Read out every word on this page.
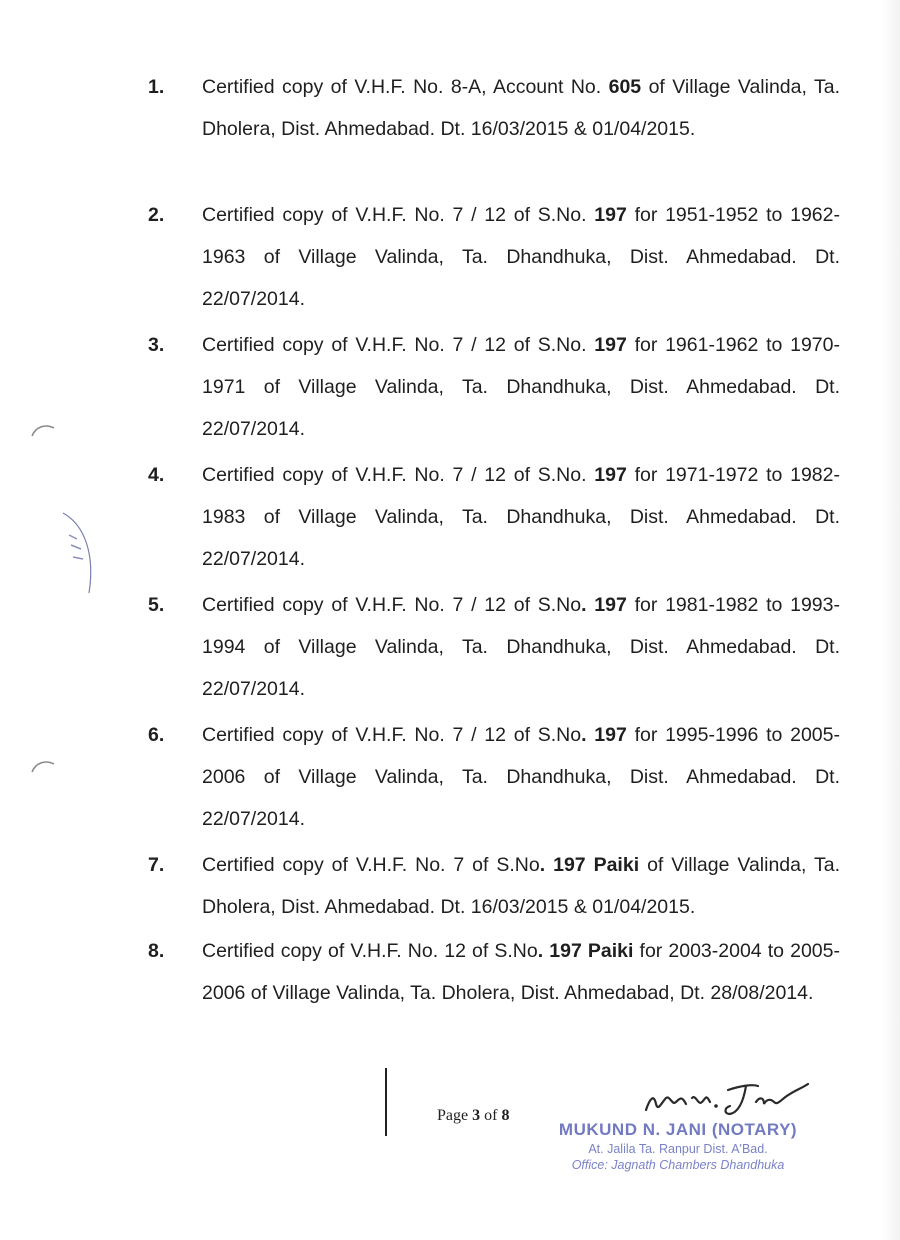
1.	Certified copy of V.H.F. No. 8-A, Account No. 605 of Village Valinda, Ta. Dholera, Dist. Ahmedabad. Dt. 16/03/2015 & 01/04/2015.
2.	Certified copy of V.H.F. No. 7 / 12 of S.No. 197 for 1951-1952 to 1962-1963 of Village Valinda, Ta. Dhandhuka, Dist. Ahmedabad. Dt. 22/07/2014.
3.	Certified copy of V.H.F. No. 7 / 12 of S.No. 197 for 1961-1962 to 1970-1971 of Village Valinda, Ta. Dhandhuka, Dist. Ahmedabad. Dt. 22/07/2014.
4.	Certified copy of V.H.F. No. 7 / 12 of S.No. 197 for 1971-1972 to 1982-1983 of Village Valinda, Ta. Dhandhuka, Dist. Ahmedabad. Dt. 22/07/2014.
5.	Certified copy of V.H.F. No. 7 / 12 of S.No. 197 for 1981-1982 to 1993-1994 of Village Valinda, Ta. Dhandhuka, Dist. Ahmedabad. Dt. 22/07/2014.
6.	Certified copy of V.H.F. No. 7 / 12 of S.No. 197 for 1995-1996 to 2005-2006 of Village Valinda, Ta. Dhandhuka, Dist. Ahmedabad. Dt. 22/07/2014.
7.	Certified copy of V.H.F. No. 7 of S.No. 197 Paiki of Village Valinda, Ta. Dholera, Dist. Ahmedabad. Dt. 16/03/2015 & 01/04/2015.
8.	Certified copy of V.H.F. No. 12 of S.No. 197 Paiki for 2003-2004 to 2005-2006 of Village Valinda, Ta. Dholera, Dist. Ahmedabad, Dt. 28/08/2014.
Page 3 of 8
MUKUND N. JANI (NOTARY)
At. Jalila Ta. Ranpur Dist. A'Bad.
Office: Jagnath Chambers Dhandhuka
